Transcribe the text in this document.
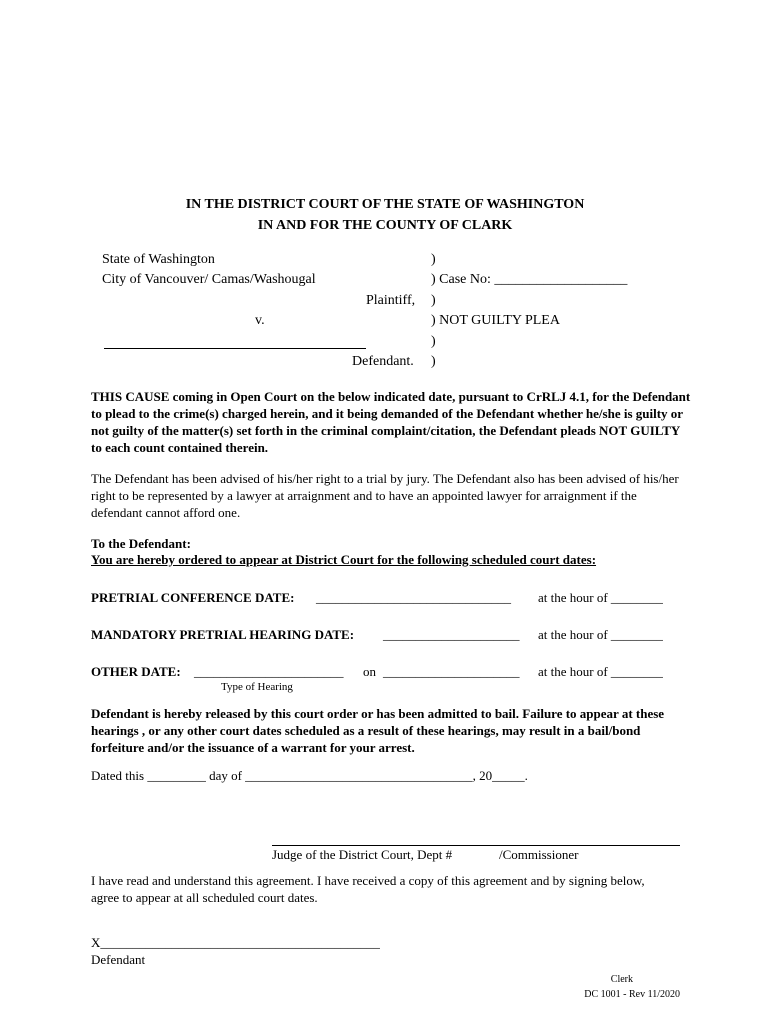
IN THE DISTRICT COURT OF THE STATE OF WASHINGTON
IN AND FOR THE COUNTY OF CLARK
State of Washington	)
City of Vancouver/ Camas/Washougal	) Case No: ___________________
Plaintiff, )
v.	) NOT GUILTY PLEA
)
Defendant. )
THIS CAUSE coming in Open Court on the below indicated date, pursuant to CrRLJ 4.1, for the Defendant to plead to the crime(s) charged herein, and it being demanded of the Defendant whether he/she is guilty or not guilty of the matter(s) set forth in the criminal complaint/citation, the Defendant pleads NOT GUILTY to each count contained therein.
The Defendant has been advised of his/her right to a trial by jury. The Defendant also has been advised of his/her right to be represented by a lawyer at arraignment and to have an appointed lawyer for arraignment if the defendant cannot afford one.
To the Defendant:
You are hereby ordered to appear at District Court for the following scheduled court dates:
PRETRIAL CONFERENCE DATE: ______________________________ at the hour of ________
MANDATORY PRETRIAL HEARING DATE: _____________________ at the hour of ________
OTHER DATE: _______________________ on _____________________ at the hour of ________
Type of Hearing
Defendant is hereby released by this court order or has been admitted to bail. Failure to appear at these hearings , or any other court dates scheduled as a result of these hearings, may result in a bail/bond forfeiture and/or the issuance of a warrant for your arrest.
Dated this _________ day of ___________________________________, 20_____.
Judge of the District Court, Dept #	/Commissioner
I have read and understand this agreement. I have received a copy of this agreement and by signing below, agree to appear at all scheduled court dates.
X___________________________________________
Defendant
Clerk
DC 1001 - Rev 11/2020
